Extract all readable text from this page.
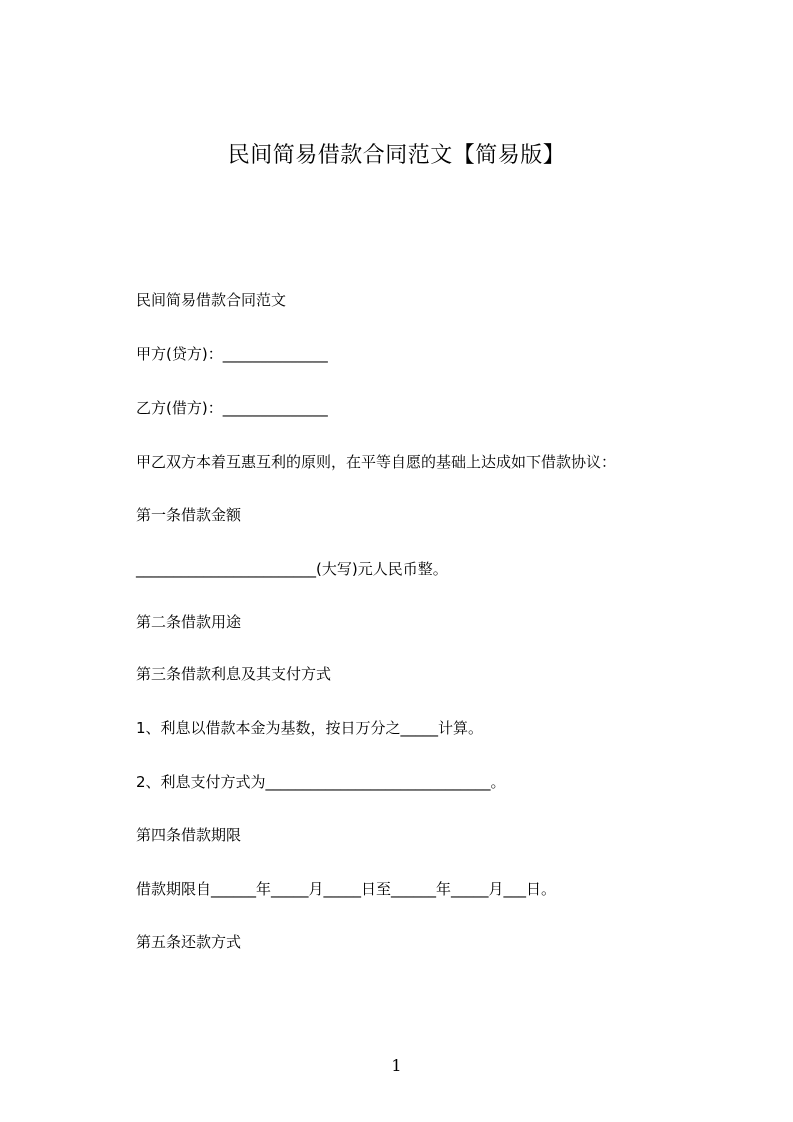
民间简易借款合同范文【简易版】
民间简易借款合同范文
甲方(贷方)：______________
乙方(借方)：______________
甲乙双方本着互惠互利的原则，在平等自愿的基础上达成如下借款协议：
第一条借款金额
________________________(大写)元人民币整。
第二条借款用途
第三条借款利息及其支付方式
1、利息以借款本金为基数，按日万分之_____计算。
2、利息支付方式为______________________________。
第四条借款期限
借款期限自______年_____月_____日至______年_____月___日。
第五条还款方式
1
